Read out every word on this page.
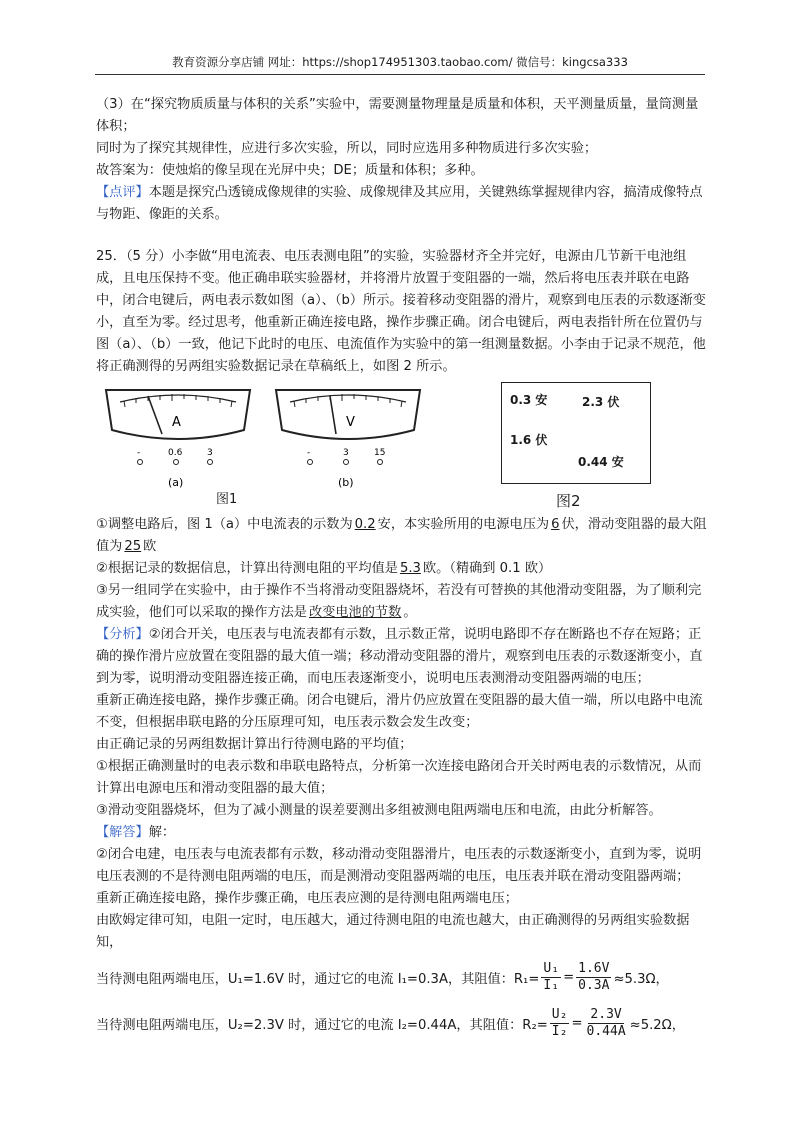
教育资源分享店铺 网址：https://shop174951303.taobao.com/ 微信号：kingcsa333

（3）在“探究物质质量与体积的关系”实验中，需要测量物理量是质量和体积，天平测量质量，量筒测量体积；

同时为了探究其规律性，应进行多次实验，所以，同时应选用多种物质进行多次实验；

故答案为：使烛焰的像呈现在光屏中央；DE；质量和体积；多种。

【点评】本题是探究凸透镜成像规律的实验、成像规律及其应用，关键熟练掌握规律内容，搞清成像特点与物距、像距的关系。

25．（5 分）小李做“用电流表、电压表测电阻”的实验，实验器材齐全并完好，电源由几节新干电池组成，且电压保持不变。他正确串联实验器材，并将滑片放置于变阻器的一端，然后将电压表并联在电路中，闭合电键后，两电表示数如图（a）、（b）所示。接着移动变阻器的滑片，观察到电压表的示数逐渐变小，直至为零。经过思考，他重新正确连接电路，操作步骤正确。闭合电键后，两电表指针所在位置仍与图（a）、（b）一致，他记下此时的电压、电流值作为实验中的第一组测量数据。小李由于记录不规范，他将正确测得的另两组实验数据记录在草稿纸上，如图 2 所示。

A
-	0.6	3
(a)
V
-	3	15
(b)
图1
0.3 安	2.3 伏
1.6 伏
0.44 安
图2

①调整电路后，图 1（a）中电流表的示数为 0.2 安，本实验所用的电源电压为 6 伏，滑动变阻器的最大阻值为 25 欧

②根据记录的数据信息，计算出待测电阻的平均值是 5.3 欧。（精确到 0.1 欧）

③另一组同学在实验中，由于操作不当将滑动变阻器烧坏，若没有可替换的其他滑动变阻器，为了顺利完成实验，他们可以采取的操作方法是 改变电池的节数 。

【分析】②闭合开关，电压表与电流表都有示数，且示数正常，说明电路即不存在断路也不存在短路；正确的操作滑片应放置在变阻器的最大值一端；移动滑动变阻器的滑片，观察到电压表的示数逐渐变小，直到为零，说明滑动变阻器连接正确，而电压表逐渐变小，说明电压表测滑动变阻器两端的电压；

重新正确连接电路，操作步骤正确。闭合电键后，滑片仍应放置在变阻器的最大值一端，所以电路中电流不变，但根据串联电路的分压原理可知，电压表示数会发生改变；

由正确记录的另两组数据计算出行待测电路的平均值；

①根据正确测量时的电表示数和串联电路特点，分析第一次连接电路闭合开关时两电表的示数情况，从而计算出电源电压和滑动变阻器的最大值；

③滑动变阻器烧坏，但为了减小测量的误差要测出多组被测电阻两端电压和电流，由此分析解答。

【解答】解：

②闭合电建，电压表与电流表都有示数，移动滑动变阻器滑片，电压表的示数逐渐变小，直到为零，说明电压表测的不是待测电阻两端的电压，而是测滑动变阻器两端的电压，电压表并联在滑动变阻器两端；

重新正确连接电路，操作步骤正确，电压表应测的是待测电阻两端电压；

由欧姆定律可知，电阻一定时，电压越大，通过待测电阻的电流也越大，由正确测得的另两组实验数据知，

当待测电阻两端电压，U₁=1.6V 时，通过它的电流 I₁=0.3A，其阻值：$R_1= \frac{\text{U₁}}{\text{I₁}} = \frac{1.6V}{0.3A} \approx 5.3\Omega$，
当待测电阻两端电压，U₂=2.3V 时，通过它的电流 I₂=0.44A，其阻值：$R_2= \frac{\text{U₂}}{\text{I₂}} = \frac{2.3V}{0.44A} \approx 5.2\Omega$，
